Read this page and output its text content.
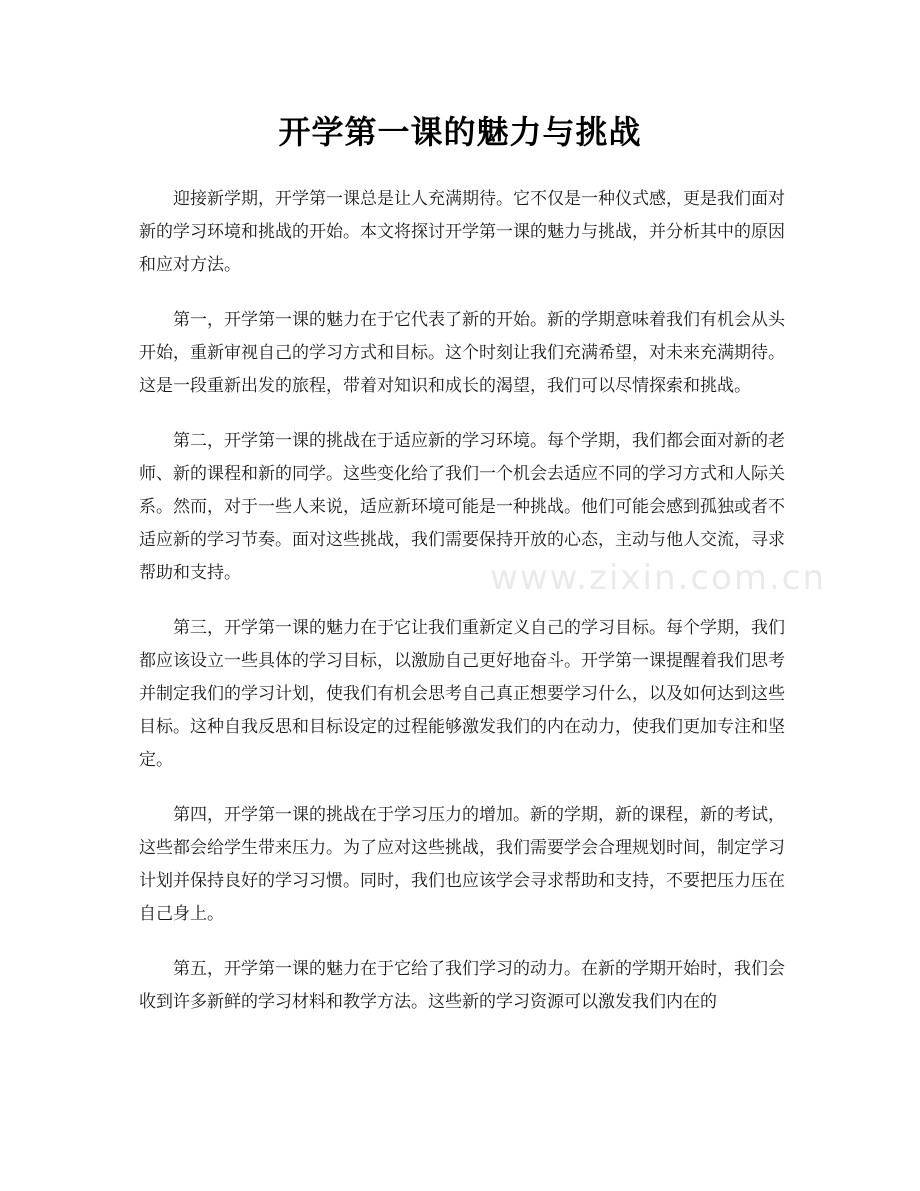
开学第一课的魅力与挑战

迎接新学期，开学第一课总是让人充满期待。它不仅是一种仪式感，更是我们面对新的学习环境和挑战的开始。本文将探讨开学第一课的魅力与挑战，并分析其中的原因和应对方法。

第一，开学第一课的魅力在于它代表了新的开始。新的学期意味着我们有机会从头开始，重新审视自己的学习方式和目标。这个时刻让我们充满希望，对未来充满期待。这是一段重新出发的旅程，带着对知识和成长的渴望，我们可以尽情探索和挑战。

第二，开学第一课的挑战在于适应新的学习环境。每个学期，我们都会面对新的老师、新的课程和新的同学。这些变化给了我们一个机会去适应不同的学习方式和人际关系。然而，对于一些人来说，适应新环境可能是一种挑战。他们可能会感到孤独或者不适应新的学习节奏。面对这些挑战，我们需要保持开放的心态，主动与他人交流，寻求帮助和支持。

第三，开学第一课的魅力在于它让我们重新定义自己的学习目标。每个学期，我们都应该设立一些具体的学习目标，以激励自己更好地奋斗。开学第一课提醒着我们思考并制定我们的学习计划，使我们有机会思考自己真正想要学习什么，以及如何达到这些目标。这种自我反思和目标设定的过程能够激发我们的内在动力，使我们更加专注和坚定。

第四，开学第一课的挑战在于学习压力的增加。新的学期，新的课程，新的考试，这些都会给学生带来压力。为了应对这些挑战，我们需要学会合理规划时间，制定学习计划并保持良好的学习习惯。同时，我们也应该学会寻求帮助和支持，不要把压力压在自己身上。

第五，开学第一课的魅力在于它给了我们学习的动力。在新的学期开始时，我们会收到许多新鲜的学习材料和教学方法。这些新的学习资源可以激发我们内在的

www.zixin.com.cn
